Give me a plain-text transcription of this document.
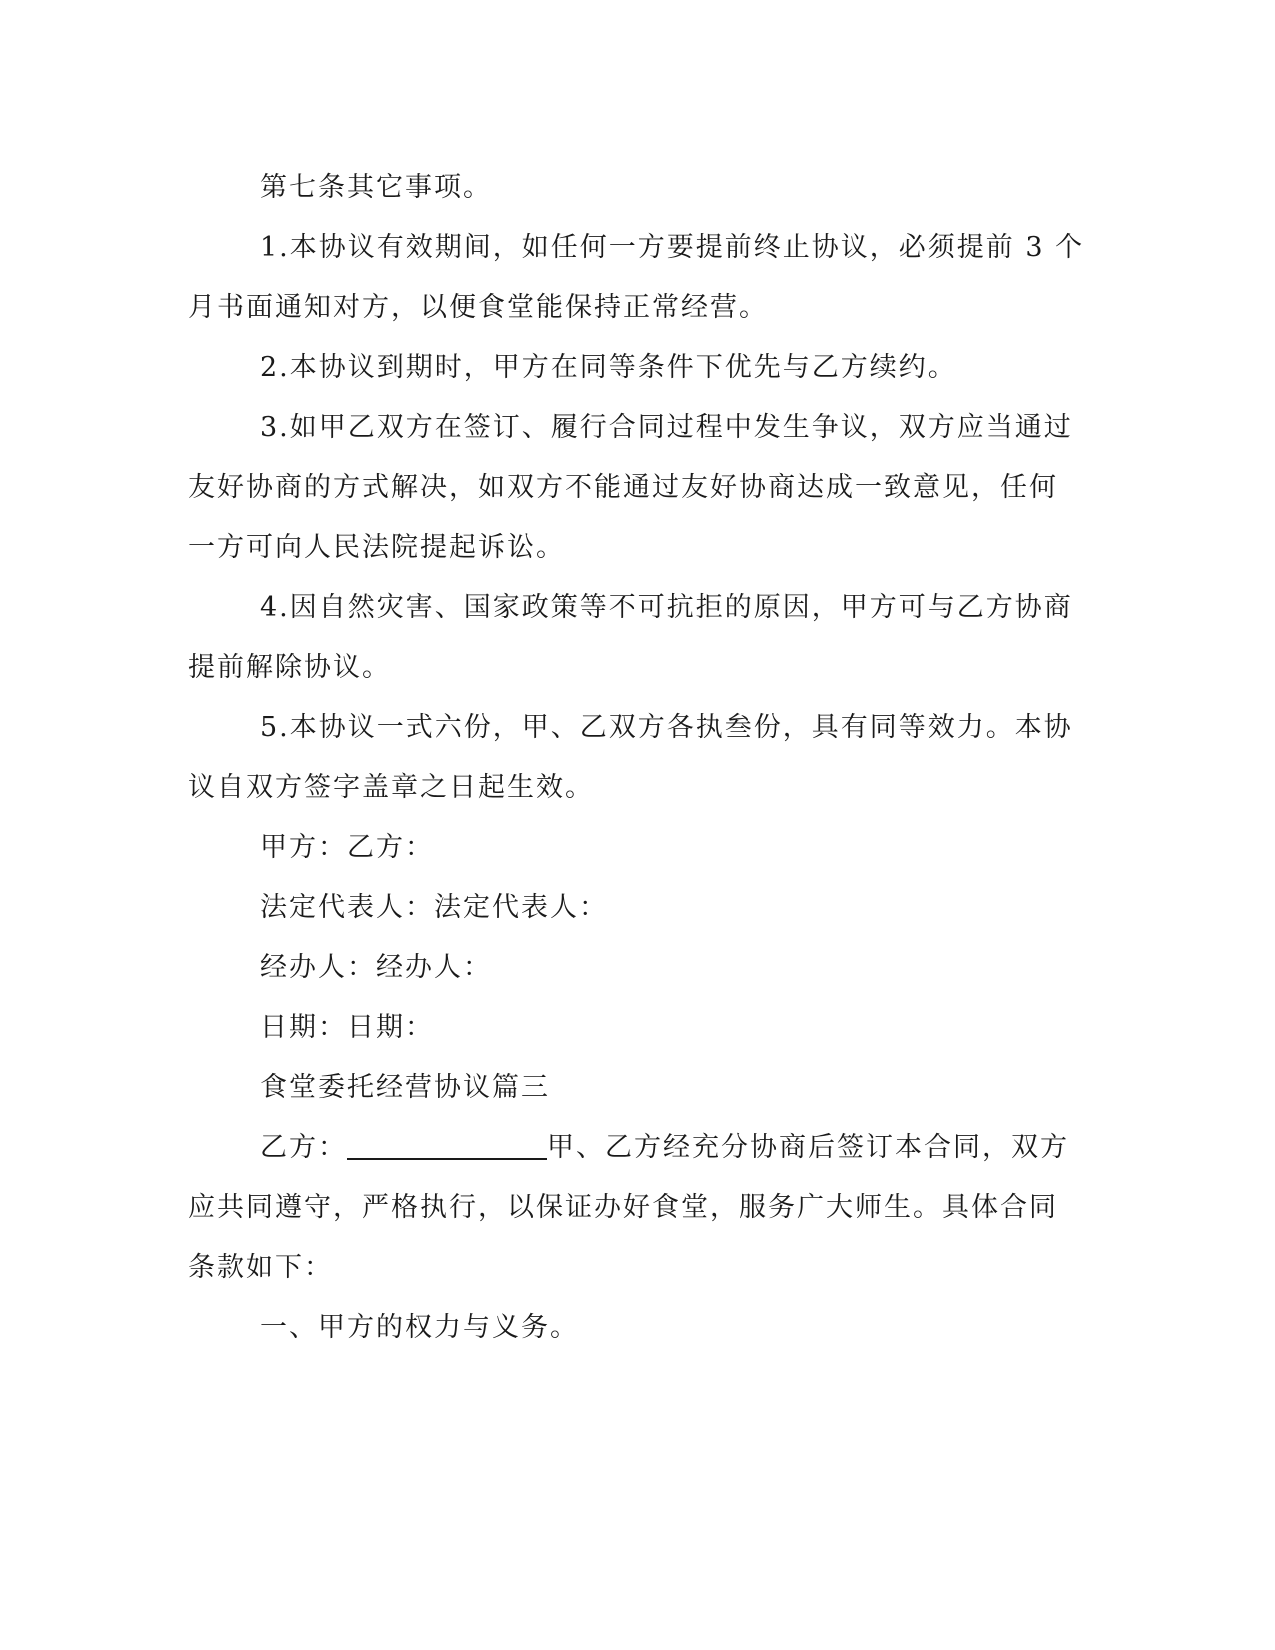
第七条其它事项。

1.本协议有效期间，如任何一方要提前终止协议，必须提前 3 个

月书面通知对方，以便食堂能保持正常经营。

2.本协议到期时，甲方在同等条件下优先与乙方续约。

3.如甲乙双方在签订、履行合同过程中发生争议，双方应当通过

友好协商的方式解决，如双方不能通过友好协商达成一致意见，任何

一方可向人民法院提起诉讼。

4.因自然灾害、国家政策等不可抗拒的原因，甲方可与乙方协商

提前解除协议。

5.本协议一式六份，甲、乙双方各执叁份，具有同等效力。本协

议自双方签字盖章之日起生效。

甲方：乙方：

法定代表人：法定代表人：

经办人：经办人：

日期：日期：

食堂委托经营协议篇三

乙方：	甲、乙方经充分协商后签订本合同，双方

应共同遵守，严格执行，以保证办好食堂，服务广大师生。具体合同

条款如下：

一、甲方的权力与义务。
